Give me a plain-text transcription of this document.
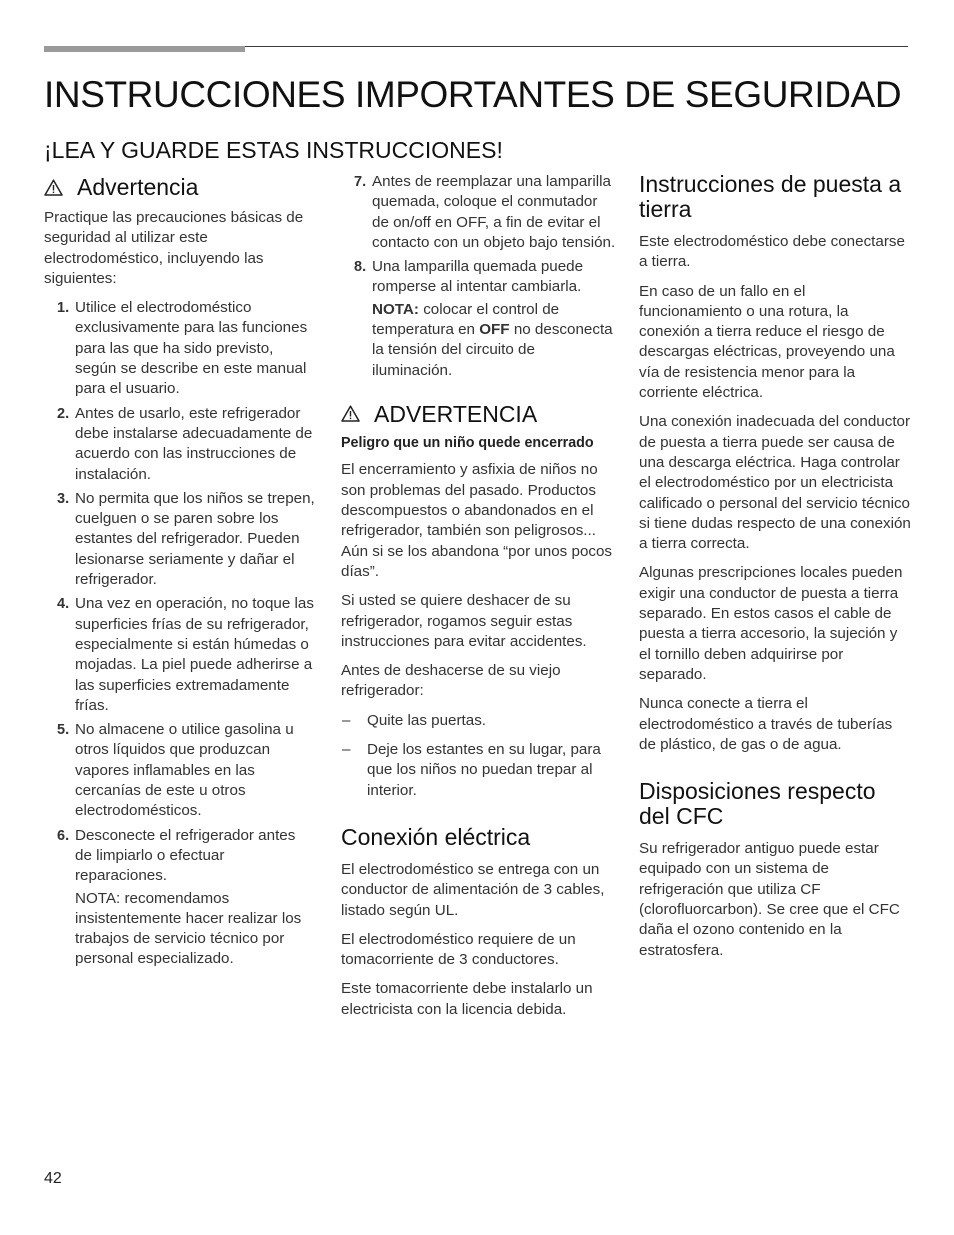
INSTRUCCIONES IMPORTANTES DE SEGURIDAD
¡LEA Y GUARDE ESTAS INSTRUCCIONES!
Advertencia

Practique las precauciones básicas de seguridad al utilizar este electrodoméstico, incluyendo las siguientes:

1. Utilice el electrodoméstico exclusivamente para las funciones para las que ha sido previsto, según se describe en este manual para el usuario.
2. Antes de usarlo, este refrigerador debe instalarse adecuadamente de acuerdo con las instrucciones de instalación.
3. No permita que los niños se trepen, cuelguen o se paren sobre los estantes del refrigerador. Pueden lesionarse seriamente y dañar el refrigerador.
4. Una vez en operación, no toque las superficies frías de su refrigerador, especialmente si están húmedas o mojadas. La piel puede adherirse a las superficies extremadamente frías.
5. No almacene o utilice gasolina u otros líquidos que produzcan vapores inflamables en las cercanías de este u otros electrodomésticos.
6. Desconecte el refrigerador antes de limpiarlo o efectuar reparaciones.
NOTA: recomendamos insistentemente hacer realizar los trabajos de servicio técnico por personal especializado.
7. Antes de reemplazar una lamparilla quemada, coloque el conmutador de on/off en OFF, a fin de evitar el contacto con un objeto bajo tensión.
8. Una lamparilla quemada puede romperse al intentar cambiarla.
NOTA: colocar el control de temperatura en OFF no desconecta la tensión del circuito de iluminación.
ADVERTENCIA

Peligro que un niño quede encerrado

El encerramiento y asfixia de niños no son problemas del pasado. Productos descompuestos o abandonados en el refrigerador, también son peligrosos... Aún si se los abandona “por unos pocos días”.

Si usted se quiere deshacer de su refrigerador, rogamos seguir estas instrucciones para evitar accidentes.

Antes de deshacerse de su viejo refrigerador:

– Quite las puertas.
– Deje los estantes en su lugar, para que los niños no puedan trepar al interior.
Conexión eléctrica

El electrodoméstico se entrega con un conductor de alimentación de 3 cables, listado según UL.

El electrodoméstico requiere de un tomacorriente de 3 conductores.

Este tomacorriente debe instalarlo un electricista con la licencia debida.

Instrucciones de puesta a tierra

Este electrodoméstico debe conectarse a tierra.

En caso de un fallo en el funcionamiento o una rotura, la conexión a tierra reduce el riesgo de descargas eléctricas, proveyendo una vía de resistencia menor para la corriente eléctrica.

Una conexión inadecuada del conductor de puesta a tierra puede ser causa de una descarga eléctrica. Haga controlar el electrodoméstico por un electricista calificado o personal del servicio técnico si tiene dudas respecto de una conexión a tierra correcta.

Algunas prescripciones locales pueden exigir una conductor de puesta a tierra separado. En estos casos el cable de puesta a tierra accesorio, la sujeción y el tornillo deben adquirirse por separado.

Nunca conecte a tierra el electrodoméstico a través de tuberías de plástico, de gas o de agua.

Disposiciones respecto del CFC

Su refrigerador antiguo puede estar equipado con un sistema de refrigeración que utiliza CF (clorofluorcarbon). Se cree que el CFC daña el ozono contenido en la estratosfera.

42
